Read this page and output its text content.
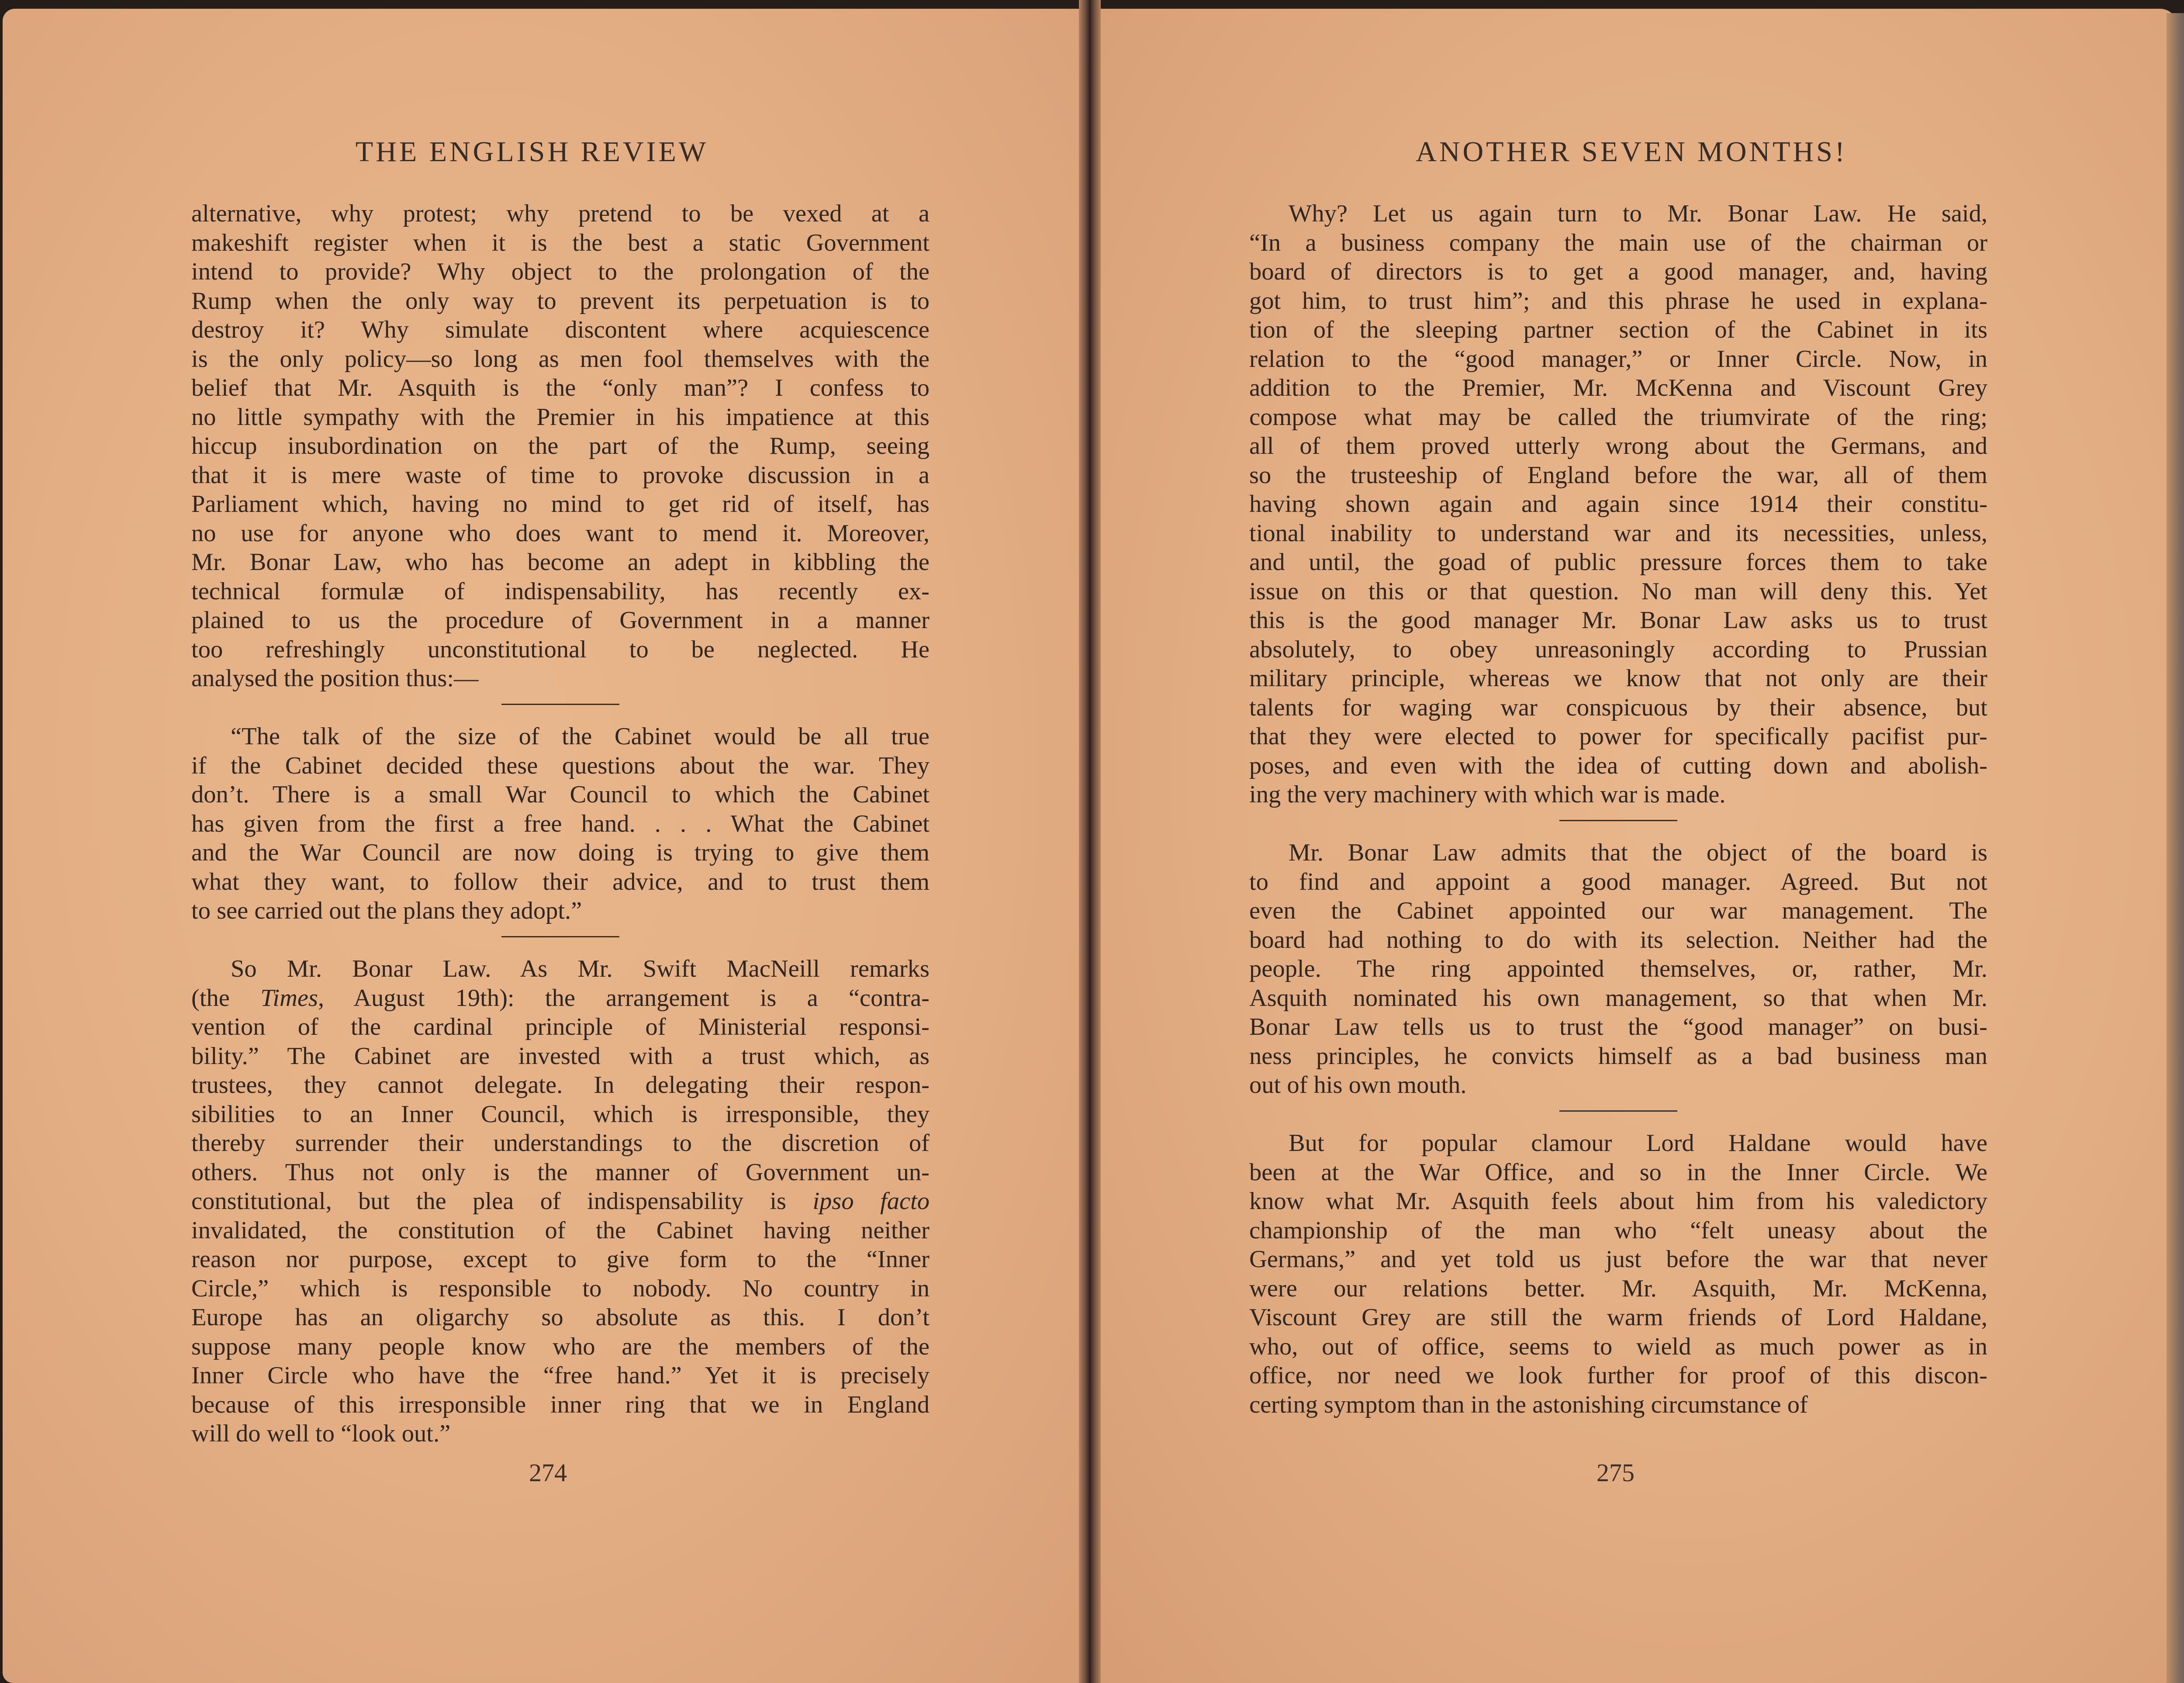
THE ENGLISH REVIEW
alternative, why protest; why pretend to be vexed at a
makeshift register when it is the best a static Government
intend to provide? Why object to the prolongation of the
Rump when the only way to prevent its perpetuation is to
destroy it? Why simulate discontent where acquiescence
is the only policy—so long as men fool themselves with the
belief that Mr. Asquith is the “only man”? I confess to
no little sympathy with the Premier in his impatience at this
hiccup insubordination on the part of the Rump, seeing
that it is mere waste of time to provoke discussion in a
Parliament which, having no mind to get rid of itself, has
no use for anyone who does want to mend it. Moreover,
Mr. Bonar Law, who has become an adept in kibbling the
technical formulæ of indispensability, has recently ex-
plained to us the procedure of Government in a manner
too refreshingly unconstitutional to be neglected. He
analysed the position thus:—
“The talk of the size of the Cabinet would be all true
if the Cabinet decided these questions about the war. They
don’t. There is a small War Council to which the Cabinet
has given from the first a free hand. . . . What the Cabinet
and the War Council are now doing is trying to give them
what they want, to follow their advice, and to trust them
to see carried out the plans they adopt.”
So Mr. Bonar Law. As Mr. Swift MacNeill remarks
(the Times, August 19th): the arrangement is a “contra-
vention of the cardinal principle of Ministerial responsi-
bility.” The Cabinet are invested with a trust which, as
trustees, they cannot delegate. In delegating their respon-
sibilities to an Inner Council, which is irresponsible, they
thereby surrender their understandings to the discretion of
others. Thus not only is the manner of Government un-
constitutional, but the plea of indispensability is ipso facto
invalidated, the constitution of the Cabinet having neither
reason nor purpose, except to give form to the “Inner
Circle,” which is responsible to nobody. No country in
Europe has an oligarchy so absolute as this. I don’t
suppose many people know who are the members of the
Inner Circle who have the “free hand.” Yet it is precisely
because of this irresponsible inner ring that we in England
will do well to “look out.”
274
ANOTHER SEVEN MONTHS!
Why? Let us again turn to Mr. Bonar Law. He said,
“In a business company the main use of the chairman or
board of directors is to get a good manager, and, having
got him, to trust him”; and this phrase he used in explana-
tion of the sleeping partner section of the Cabinet in its
relation to the “good manager,” or Inner Circle. Now, in
addition to the Premier, Mr. McKenna and Viscount Grey
compose what may be called the triumvirate of the ring;
all of them proved utterly wrong about the Germans, and
so the trusteeship of England before the war, all of them
having shown again and again since 1914 their constitu-
tional inability to understand war and its necessities, unless,
and until, the goad of public pressure forces them to take
issue on this or that question. No man will deny this. Yet
this is the good manager Mr. Bonar Law asks us to trust
absolutely, to obey unreasoningly according to Prussian
military principle, whereas we know that not only are their
talents for waging war conspicuous by their absence, but
that they were elected to power for specifically pacifist pur-
poses, and even with the idea of cutting down and abolish-
ing the very machinery with which war is made.
Mr. Bonar Law admits that the object of the board is
to find and appoint a good manager. Agreed. But not
even the Cabinet appointed our war management. The
board had nothing to do with its selection. Neither had the
people. The ring appointed themselves, or, rather, Mr.
Asquith nominated his own management, so that when Mr.
Bonar Law tells us to trust the “good manager” on busi-
ness principles, he convicts himself as a bad business man
out of his own mouth.
But for popular clamour Lord Haldane would have
been at the War Office, and so in the Inner Circle. We
know what Mr. Asquith feels about him from his valedictory
championship of the man who “felt uneasy about the
Germans,” and yet told us just before the war that never
were our relations better. Mr. Asquith, Mr. McKenna,
Viscount Grey are still the warm friends of Lord Haldane,
who, out of office, seems to wield as much power as in
office, nor need we look further for proof of this discon-
certing symptom than in the astonishing circumstance of
275
